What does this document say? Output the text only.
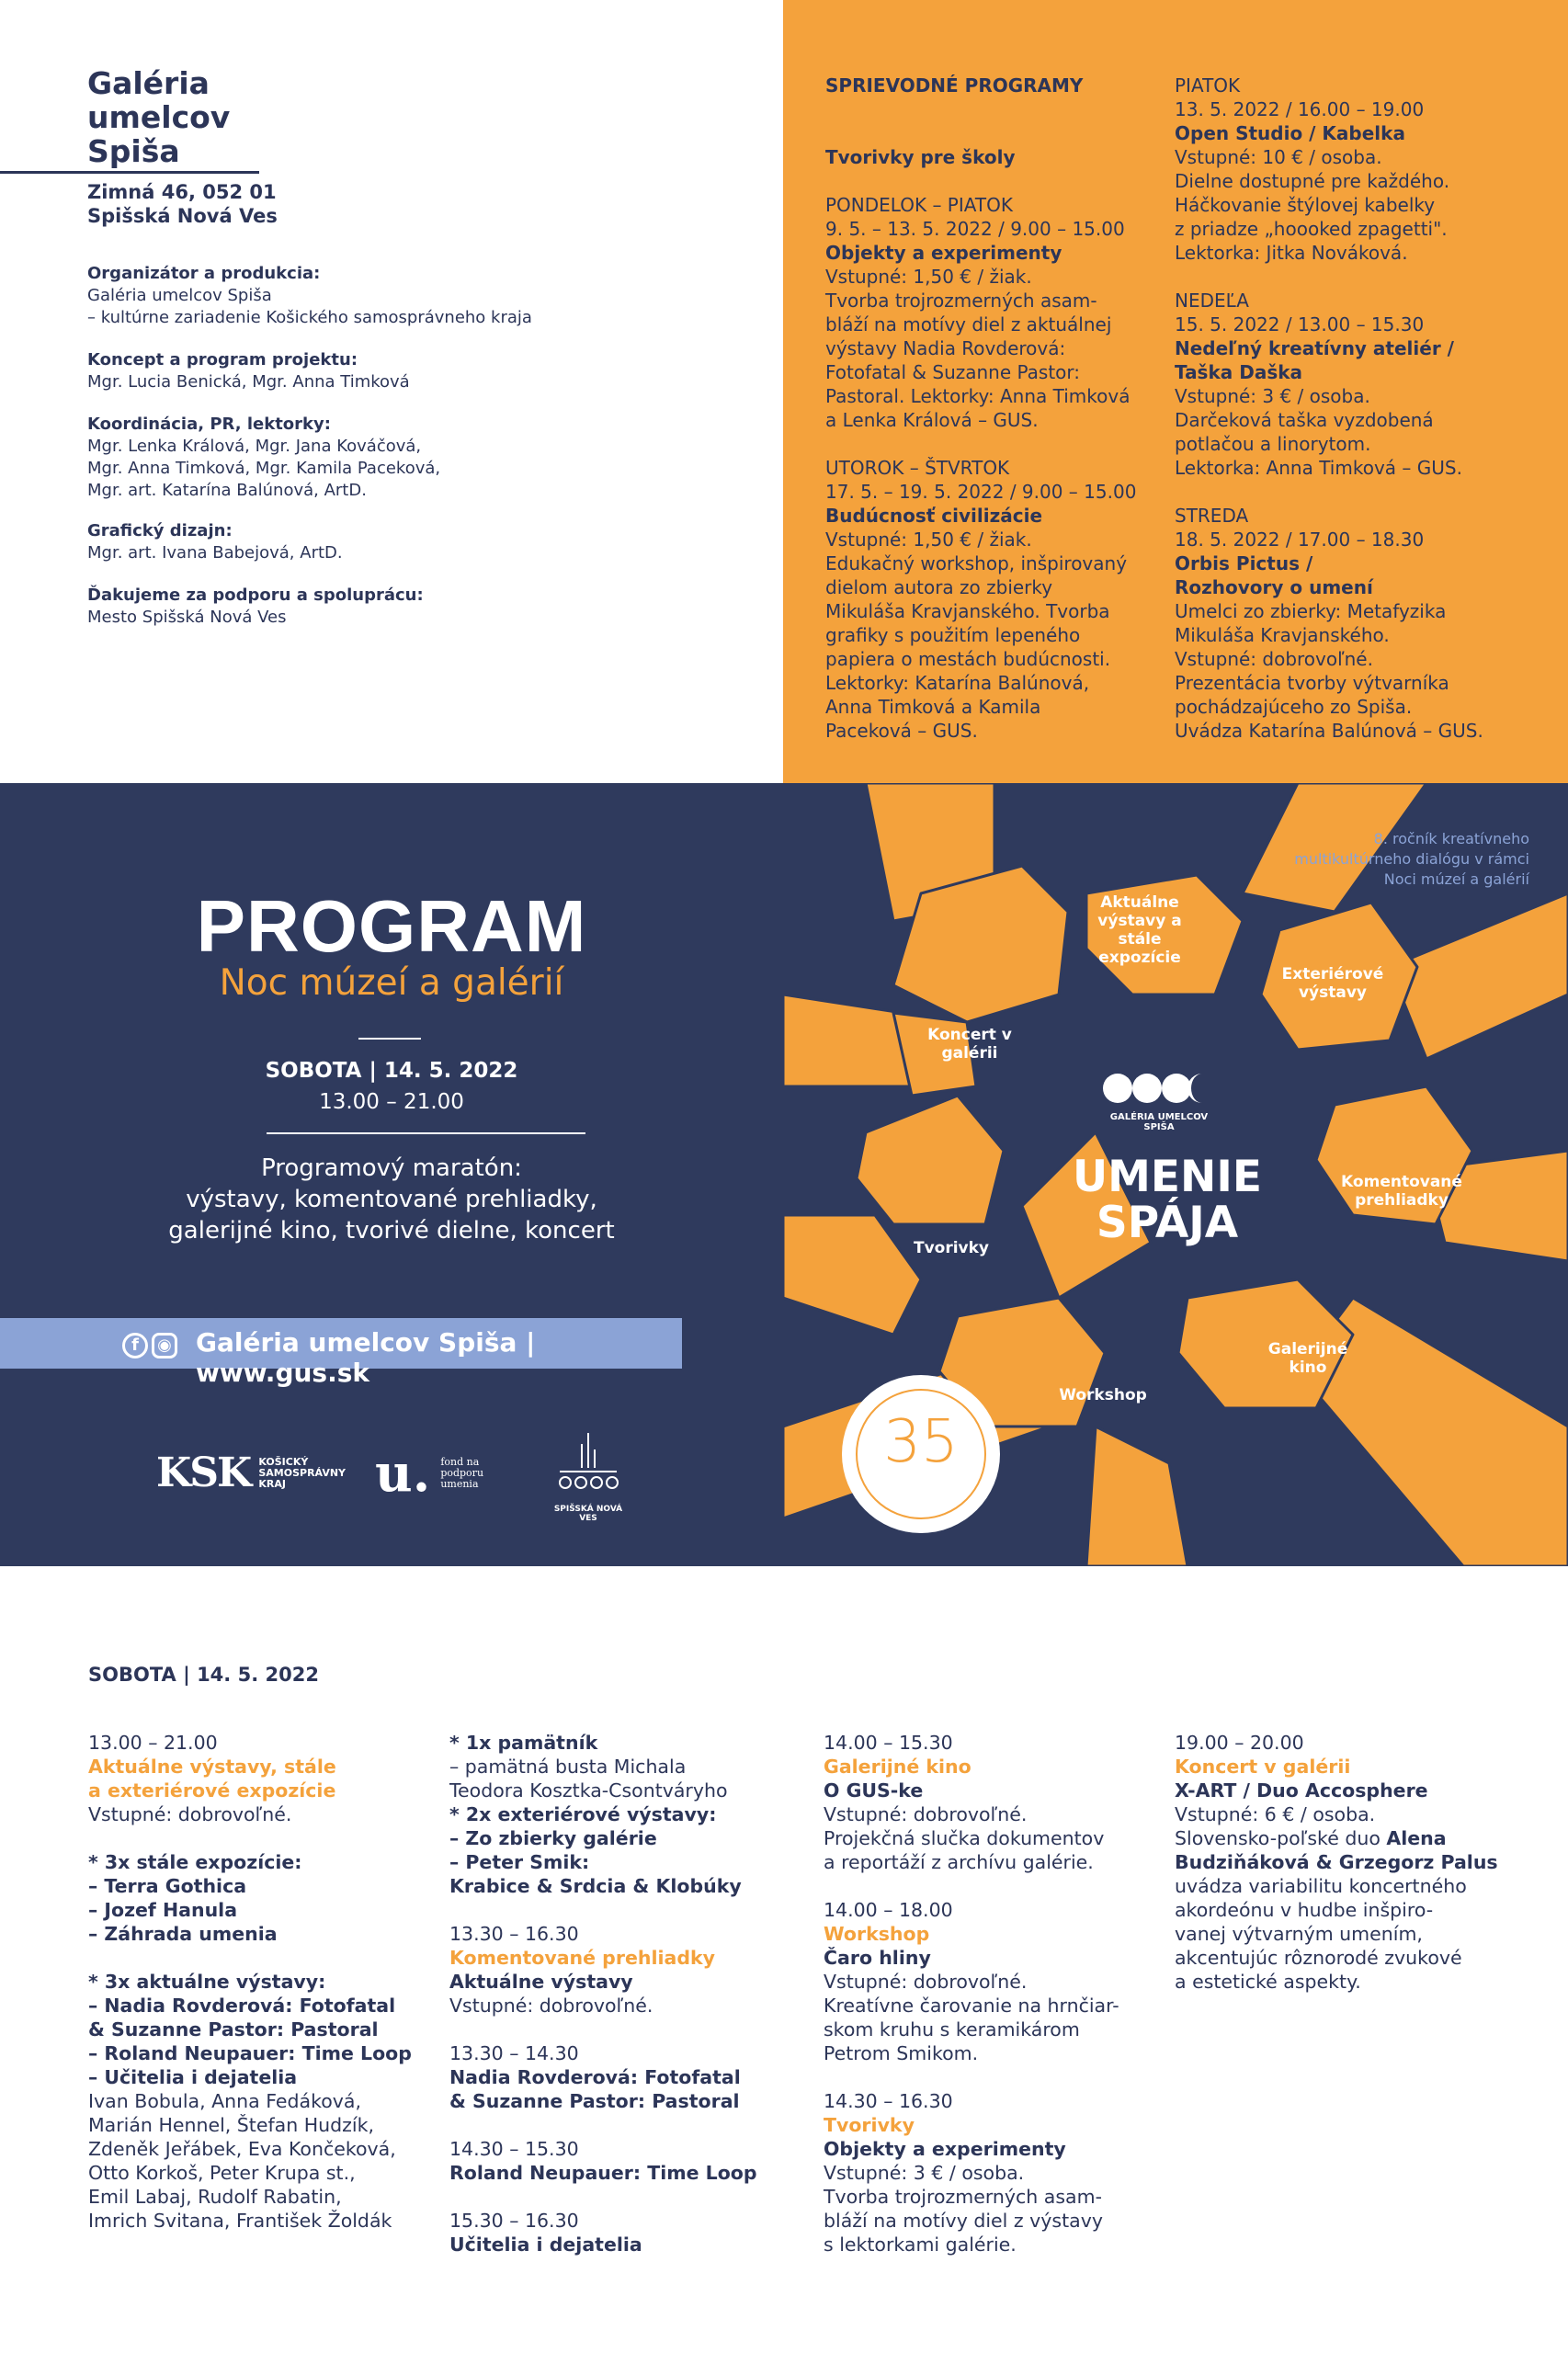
Galéria
umelcov
Spiša
Zimná 46, 052 01
Spišská Nová Ves
Organizátor a produkcia:
Galéria umelcov Spiša
– kultúrne zariadenie Košického samosprávneho kraja
Koncept a program projektu:
Mgr. Lucia Benická, Mgr. Anna Timková
Koordinácia, PR, lektorky:
Mgr. Lenka Králová, Mgr. Jana Kováčová,
Mgr. Anna Timková, Mgr. Kamila Paceková,
Mgr. art. Katarína Balúnová, ArtD.
Grafický dizajn:
Mgr. art. Ivana Babejová, ArtD.
Ďakujeme za podporu a spoluprácu:
Mesto Spišská Nová Ves
SPRIEVODNÉ PROGRAMY
Tvorivky pre školy
PONDELOK – PIATOK
9. 5. – 13. 5. 2022 / 9.00 – 15.00
Objekty a experimenty
Vstupné: 1,50 € / žiak.
Tvorba trojrozmerných asam-
bláží na motívy diel z aktuálnej
výstavy Nadia Rovderová:
Fotofatal & Suzanne Pastor:
Pastoral. Lektorky: Anna Timková
a Lenka Králová – GUS.
UTOROK – ŠTVRTOK
17. 5. – 19. 5. 2022 / 9.00 – 15.00
Budúcnosť civilizácie
Vstupné: 1,50 € / žiak.
Edukačný workshop, inšpirovaný
dielom autora zo zbierky
Mikuláša Kravjanského. Tvorba
grafiky s použitím lepeného
papiera o mestách budúcnosti.
Lektorky: Katarína Balúnová,
Anna Timková a Kamila
Paceková – GUS.
PIATOK
13. 5. 2022 / 16.00 – 19.00
Open Studio / Kabelka
Vstupné: 10 € / osoba.
Dielne dostupné pre každého.
Háčkovanie štýlovej kabelky
z priadze „hoooked zpagetti".
Lektorka: Jitka Nováková.
NEDEĽA
15. 5. 2022 / 13.00 – 15.30
Nedeľný kreatívny ateliér /
Taška Daška
Vstupné: 3 € / osoba.
Darčeková taška vyzdobená
potlačou a linorytom.
Lektorka: Anna Timková – GUS.
STREDA
18. 5. 2022 / 17.00 – 18.30
Orbis Pictus /
Rozhovory o umení
Umelci zo zbierky: Metafyzika
Mikuláša Kravjanského.
Vstupné: dobrovoľné.
Prezentácia tvorby výtvarníka
pochádzajúceho zo Spiša.
Uvádza Katarína Balúnová – GUS.
PROGRAM
Noc múzeí a galérií
SOBOTA | 14. 5. 2022
13.00 – 21.00
Programový maratón:
výstavy, komentované prehliadky,
galerijné kino, tvorivé dielne, koncert
f ◉ Galéria umelcov Spiša | www.gus.sk
KSK KOŠICKÝ SAMOSPRÁVNY KRAJ	u. fond na podporu umenia
SPIŠSKÁ NOVÁ VES
Aktuálne výstavy a stále expozície
Exteriérové výstavy
Koncert v galérii
Komentované prehliadky
Tvorivky
Galerijné kino
Workshop
8. ročník kreatívneho multikultúrneho dialógu v rámci Noci múzeí a galérií
GALÉRIA UMELCOV SPIŠA
UMENIE
SPÁJA
35
SOBOTA | 14. 5. 2022
13.00 – 21.00
Aktuálne výstavy, stále
a exteriérové expozície
Vstupné: dobrovoľné.
* 3x stále expozície:
– Terra Gothica
– Jozef Hanula
– Záhrada umenia
* 3x aktuálne výstavy:
– Nadia Rovderová: Fotofatal
& Suzanne Pastor: Pastoral
– Roland Neupauer: Time Loop
– Učitelia i dejatelia
Ivan Bobula, Anna Fedáková,
Marián Hennel, Štefan Hudzík,
Zdeněk Jeřábek, Eva Končeková,
Otto Korkoš, Peter Krupa st.,
Emil Labaj, Rudolf Rabatin,
Imrich Svitana, František Žoldák
* 1x pamätník
– pamätná busta Michala
Teodora Kosztka-Csontváryho
* 2x exteriérové výstavy:
– Zo zbierky galérie
– Peter Smik:
Krabice & Srdcia & Klobúky
13.30 – 16.30
Komentované prehliadky
Aktuálne výstavy
Vstupné: dobrovoľné.
13.30 – 14.30
Nadia Rovderová: Fotofatal
& Suzanne Pastor: Pastoral
14.30 – 15.30
Roland Neupauer: Time Loop
15.30 – 16.30
Učitelia i dejatelia
14.00 – 15.30
Galerijné kino
O GUS-ke
Vstupné: dobrovoľné.
Projekčná slučka dokumentov
a reportáží z archívu galérie.
14.00 – 18.00
Workshop
Čaro hliny
Vstupné: dobrovoľné.
Kreatívne čarovanie na hrnčiar-
skom kruhu s keramikárom
Petrom Smikom.
14.30 – 16.30
Tvorivky
Objekty a experimenty
Vstupné: 3 € / osoba.
Tvorba trojrozmerných asam-
bláží na motívy diel z výstavy
s lektorkami galérie.
19.00 – 20.00
Koncert v galérii
X-ART / Duo Accosphere
Vstupné: 6 € / osoba.
Slovensko-poľské duo Alena
Budziňáková & Grzegorz Palus
uvádza variabilitu koncertného
akordeónu v hudbe inšpiro-
vanej výtvarným umením,
akcentujúc rôznorodé zvukové
a estetické aspekty.
